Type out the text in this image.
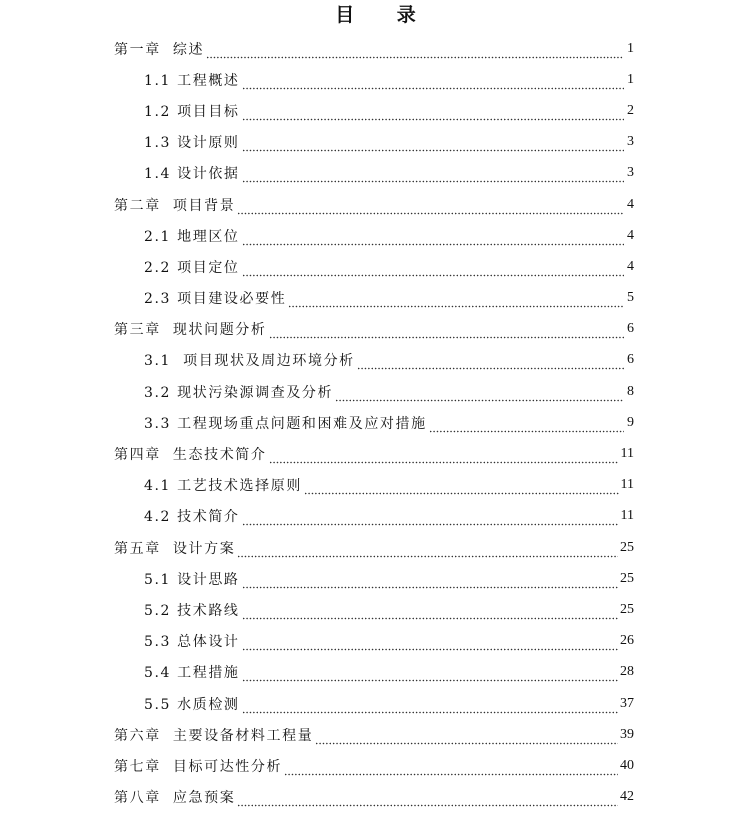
目 录
第一章  综述	1
1.1 工程概述	1
1.2 项目目标	2
1.3 设计原则	3
1.4 设计依据	3
第二章  项目背景	4
2.1 地理区位	4
2.2 项目定位	4
2.3 项目建设必要性	5
第三章  现状问题分析	6
3.1  项目现状及周边环境分析	6
3.2 现状污染源调查及分析	8
3.3 工程现场重点问题和困难及应对措施	9
第四章  生态技术简介	11
4.1 工艺技术选择原则	11
4.2 技术简介	11
第五章  设计方案	25
5.1 设计思路	25
5.2 技术路线	25
5.3 总体设计	26
5.4 工程措施	28
5.5 水质检测	37
第六章  主要设备材料工程量	39
第七章  目标可达性分析	40
第八章  应急预案	42
